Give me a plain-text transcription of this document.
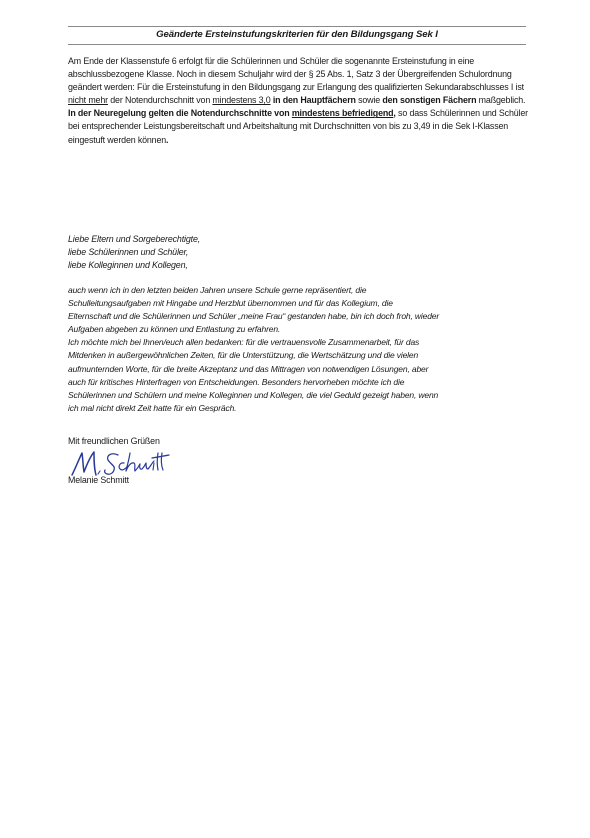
Geänderte Ersteinstufungskriterien für den Bildungsgang Sek I

Am Ende der Klassenstufe 6 erfolgt für die Schülerinnen und Schüler die sogenannte Ersteinstufung in eine abschlussbezogene Klasse. Noch in diesem Schuljahr wird der § 25 Abs. 1, Satz 3 der Übergreifenden Schulordnung geändert werden: Für die Ersteinstufung in den Bildungsgang zur Erlangung des qualifizierten Sekundarabschlusses I ist nicht mehr der Notendurchschnitt von mindestens 3,0 in den Hauptfächern sowie den sonstigen Fächern maßgeblich. In der Neuregelung gelten die Notendurchschnitte von mindestens befriedigend, so dass Schülerinnen und Schüler bei entsprechender Leistungsbereitschaft und Arbeitshaltung mit Durchschnitten von bis zu 3,49 in die Sek I-Klassen eingestuft werden können.

Liebe Eltern und Sorgeberechtigte,
liebe Schülerinnen und Schüler,
liebe Kolleginnen und Kollegen,
auch wenn ich in den letzten beiden Jahren unsere Schule gerne repräsentiert, die
Schulleitungsaufgaben mit Hingabe und Herzblut übernommen und für das Kollegium, die
Elternschaft und die Schülerinnen und Schüler „meine Frau“ gestanden habe, bin ich doch froh, wieder
Aufgaben abgeben zu können und Entlastung zu erfahren.
Ich möchte mich bei Ihnen/euch allen bedanken: für die vertrauensvolle Zusammenarbeit, für das
Mitdenken in außergewöhnlichen Zeiten, für die Unterstützung, die Wertschätzung und die vielen
aufmunternden Worte, für die breite Akzeptanz und das Mittragen von notwendigen Lösungen, aber
auch für kritisches Hinterfragen von Entscheidungen. Besonders hervorheben möchte ich die
Schülerinnen und Schülern und meine Kolleginnen und Kollegen, die viel Geduld gezeigt haben, wenn
ich mal nicht direkt Zeit hatte für ein Gespräch.
Mit freundlichen Grüßen
Melanie Schmitt
